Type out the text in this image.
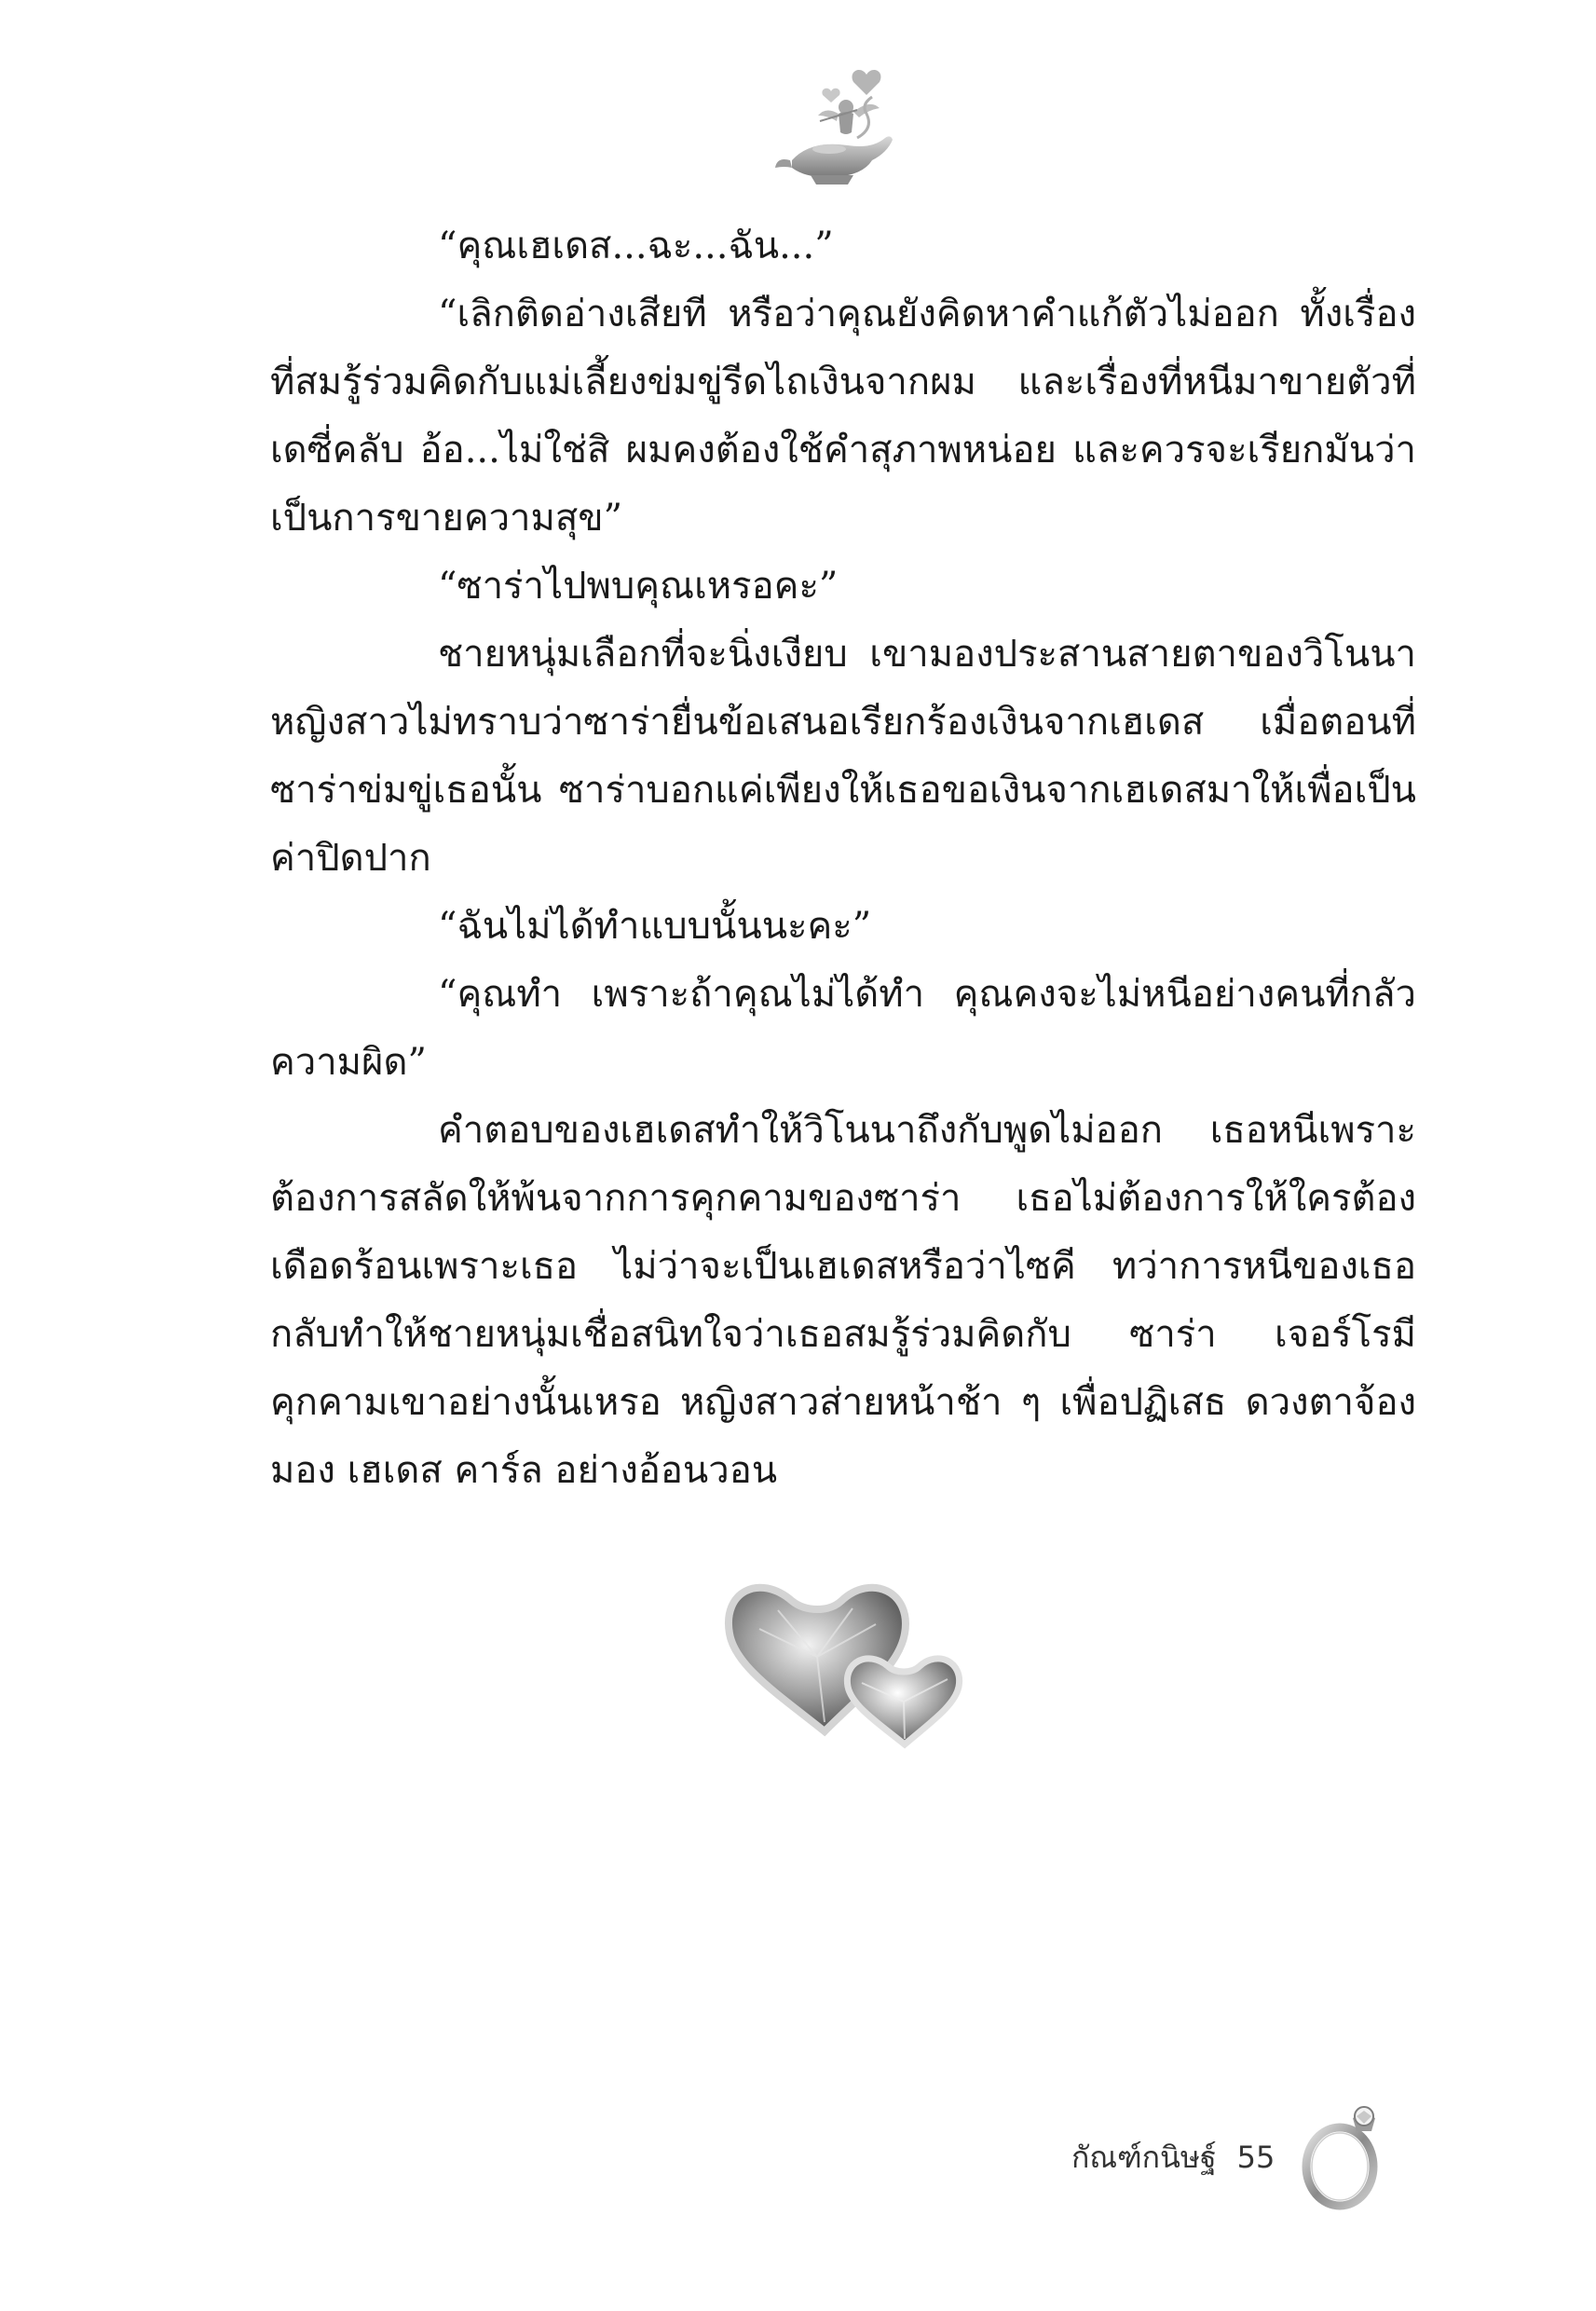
“คุณเฮเดส...ฉะ...ฉัน...”

“เลิกติดอ่างเสียที หรือว่าคุณยังคิดหาคำแก้ตัวไม่ออก ทั้งเรื่องที่สมรู้ร่วมคิดกับแม่เลี้ยงข่มขู่รีดไถเงินจากผม และเรื่องที่หนีมาขายตัวที่เดซี่คลับ อ้อ...ไม่ใช่สิ ผมคงต้องใช้คำสุภาพหน่อย และควรจะเรียกมันว่าเป็นการขายความสุข”

“ซาร่าไปพบคุณเหรอคะ”

ชายหนุ่มเลือกที่จะนิ่งเงียบ เขามองประสานสายตาของวิโนนา หญิงสาวไม่ทราบว่าซาร่ายื่นข้อเสนอเรียกร้องเงินจากเฮเดส เมื่อตอนที่ซาร่าข่มขู่เธอนั้น ซาร่าบอกแค่เพียงให้เธอขอเงินจากเฮเดสมาให้เพื่อเป็นค่าปิดปาก

“ฉันไม่ได้ทำแบบนั้นนะคะ”

“คุณทำ เพราะถ้าคุณไม่ได้ทำ คุณคงจะไม่หนีอย่างคนที่กลัวความผิด”

คำตอบของเฮเดสทำให้วิโนนาถึงกับพูดไม่ออก เธอหนีเพราะต้องการสลัดให้พ้นจากการคุกคามของซาร่า เธอไม่ต้องการให้ใครต้องเดือดร้อนเพราะเธอ ไม่ว่าจะเป็นเฮเดสหรือว่าไซคี ทว่าการหนีของเธอกลับทำให้ชายหนุ่มเชื่อสนิทใจว่าเธอสมรู้ร่วมคิดกับ ซาร่า เจอร์โรมี คุกคามเขาอย่างนั้นเหรอ หญิงสาวส่ายหน้าช้า ๆ เพื่อปฏิเสธ ดวงตาจ้องมอง เฮเดส คาร์ล อย่างอ้อนวอน

กัณฑ์กนิษฐ์ 55
